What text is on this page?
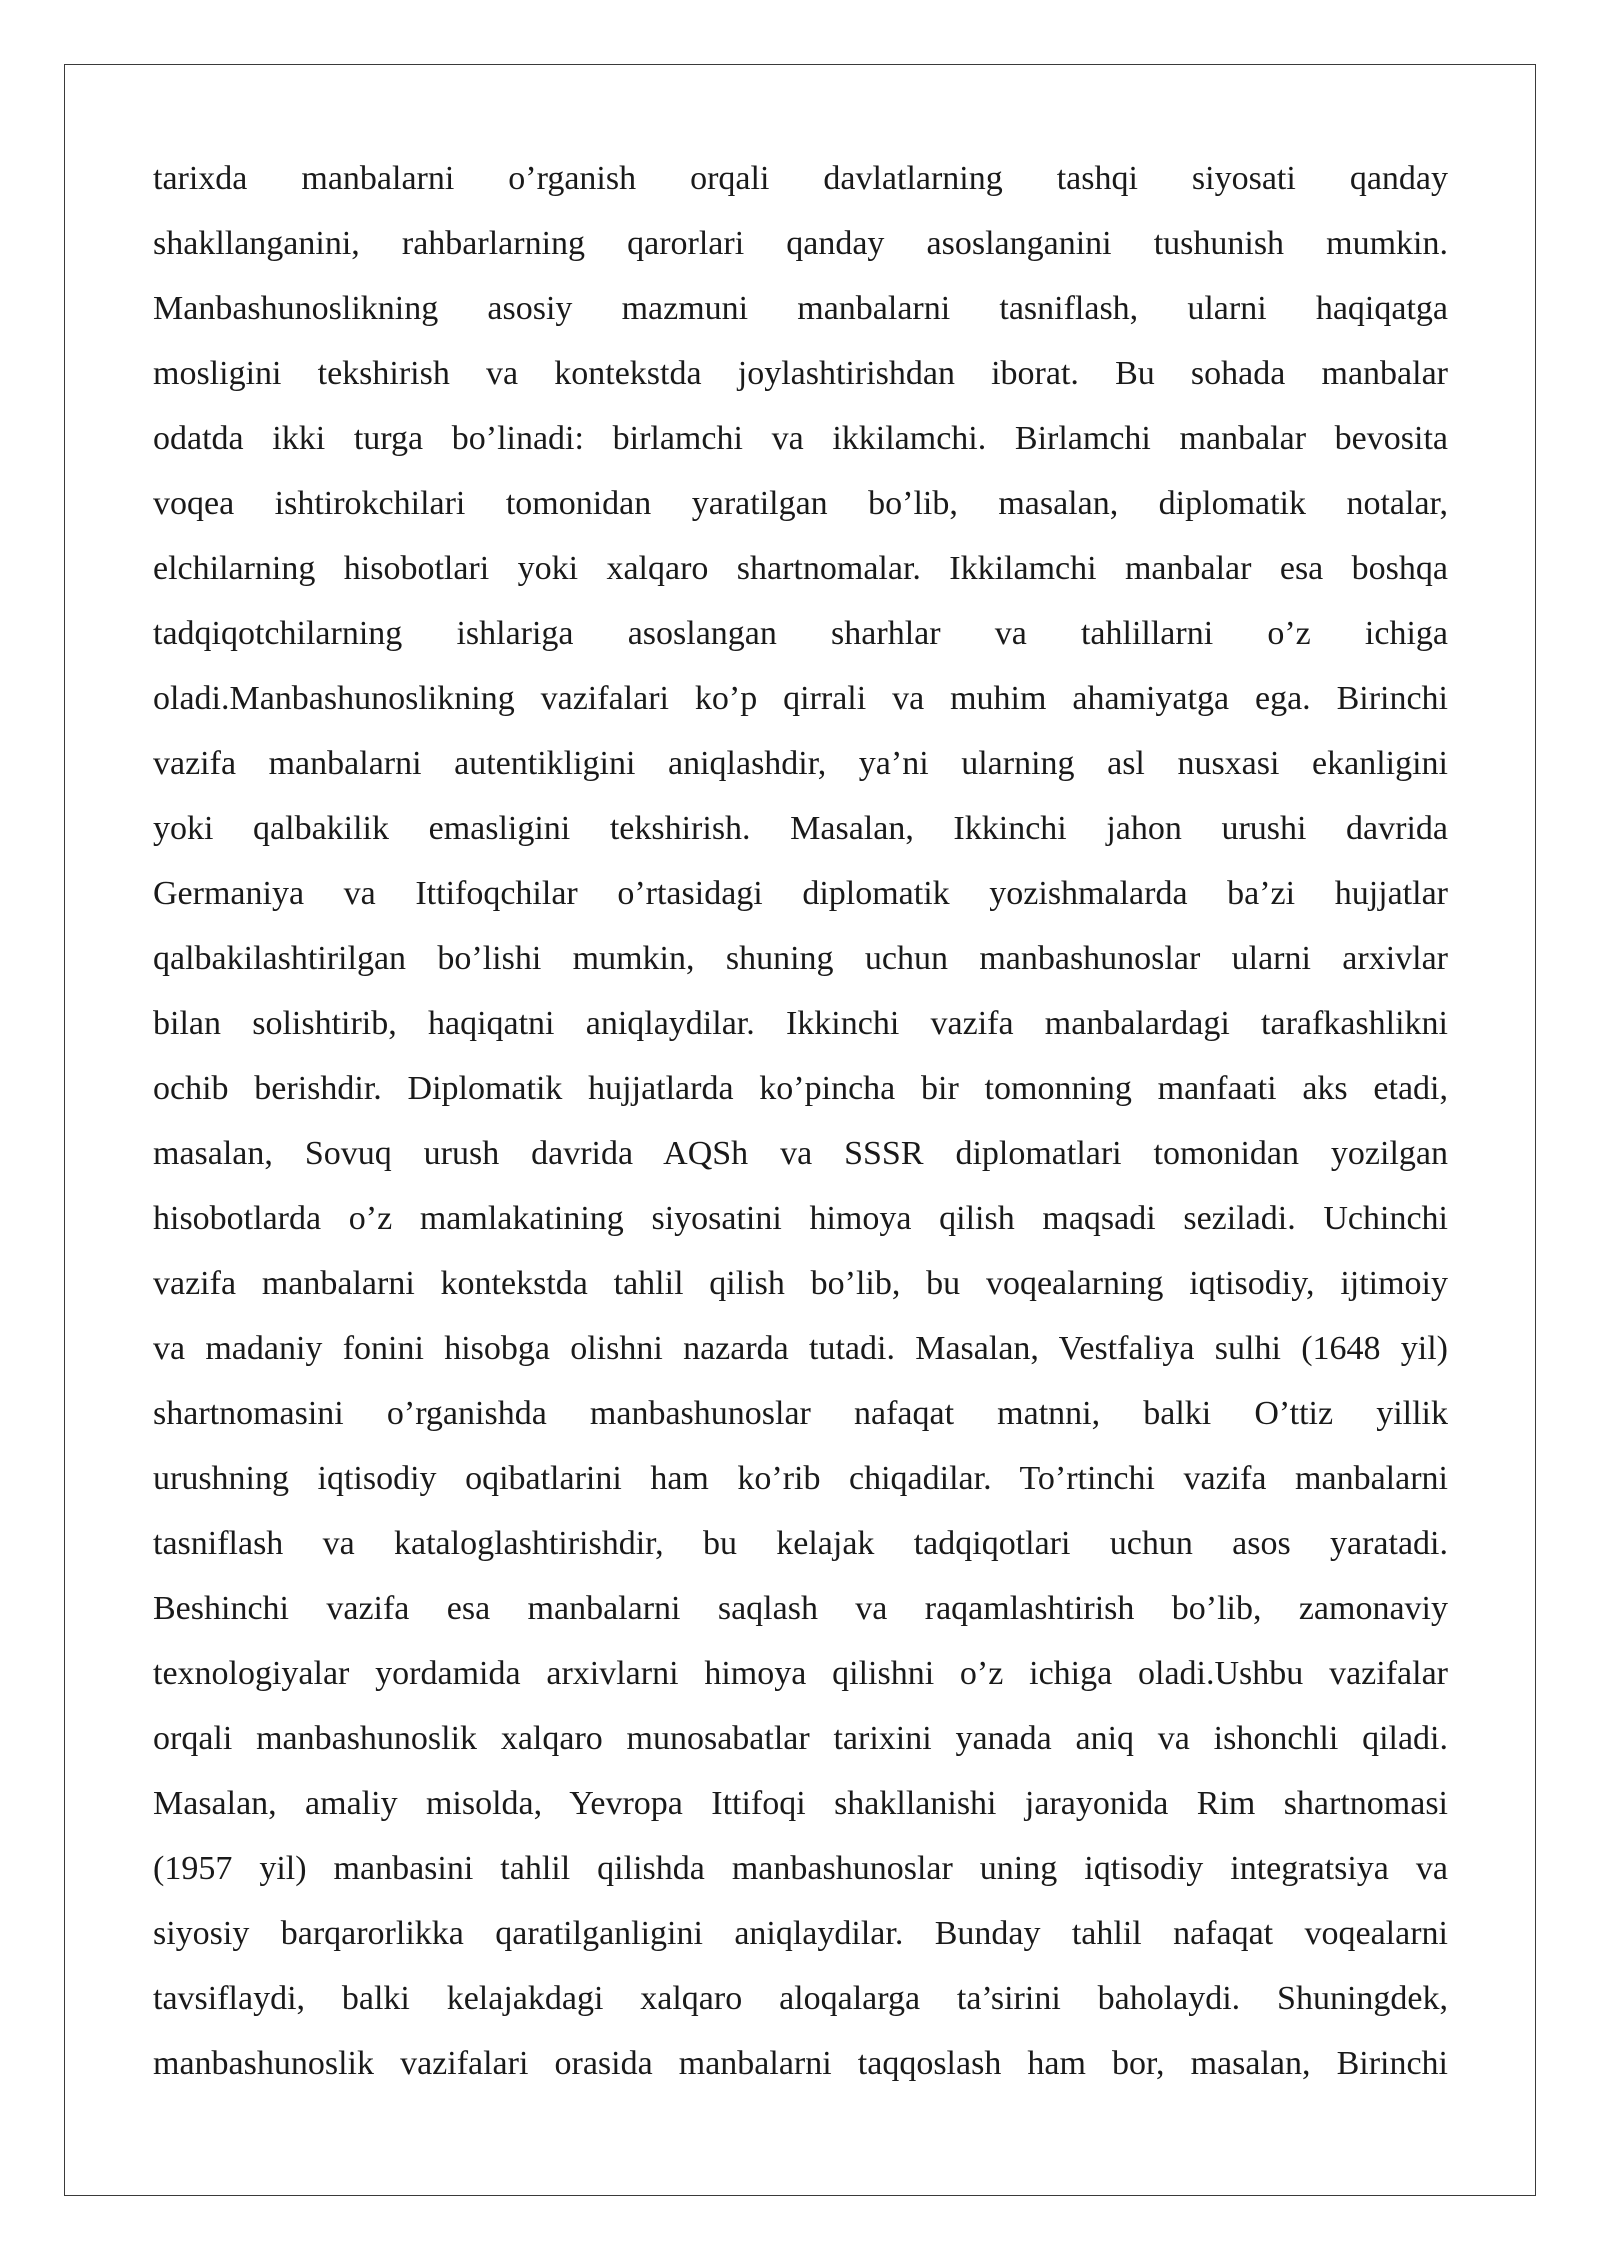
tarixda manbalarni o’rganish orqali davlatlarning tashqi siyosati qanday
shakllanganini, rahbarlarning qarorlari qanday asoslanganini tushunish mumkin.
Manbashunoslikning asosiy mazmuni manbalarni tasniflash, ularni haqiqatga
mosligini tekshirish va kontekstda joylashtirishdan iborat. Bu sohada manbalar
odatda ikki turga bo’linadi: birlamchi va ikkilamchi. Birlamchi manbalar bevosita
voqea ishtirokchilari tomonidan yaratilgan bo’lib, masalan, diplomatik notalar,
elchilarning hisobotlari yoki xalqaro shartnomalar. Ikkilamchi manbalar esa boshqa
tadqiqotchilarning ishlariga asoslangan sharhlar va tahlillarni o’z ichiga
oladi.Manbashunoslikning vazifalari ko’p qirrali va muhim ahamiyatga ega. Birinchi
vazifa manbalarni autentikligini aniqlashdir, ya’ni ularning asl nusxasi ekanligini
yoki qalbakilik emasligini tekshirish. Masalan, Ikkinchi jahon urushi davrida
Germaniya va Ittifoqchilar o’rtasidagi diplomatik yozishmalarda ba’zi hujjatlar
qalbakilashtirilgan bo’lishi mumkin, shuning uchun manbashunoslar ularni arxivlar
bilan solishtirib, haqiqatni aniqlaydilar. Ikkinchi vazifa manbalardagi tarafkashlikni
ochib berishdir. Diplomatik hujjatlarda ko’pincha bir tomonning manfaati aks etadi,
masalan, Sovuq urush davrida AQSh va SSSR diplomatlari tomonidan yozilgan
hisobotlarda o’z mamlakatining siyosatini himoya qilish maqsadi seziladi. Uchinchi
vazifa manbalarni kontekstda tahlil qilish bo’lib, bu voqealarning iqtisodiy, ijtimoiy
va madaniy fonini hisobga olishni nazarda tutadi. Masalan, Vestfaliya sulhi (1648 yil)
shartnomasini o’rganishda manbashunoslar nafaqat matnni, balki O’ttiz yillik
urushning iqtisodiy oqibatlarini ham ko’rib chiqadilar. To’rtinchi vazifa manbalarni
tasniflash va kataloglashtirishdir, bu kelajak tadqiqotlari uchun asos yaratadi.
Beshinchi vazifa esa manbalarni saqlash va raqamlashtirish bo’lib, zamonaviy
texnologiyalar yordamida arxivlarni himoya qilishni o’z ichiga oladi.Ushbu vazifalar
orqali manbashunoslik xalqaro munosabatlar tarixini yanada aniq va ishonchli qiladi.
Masalan, amaliy misolda, Yevropa Ittifoqi shakllanishi jarayonida Rim shartnomasi
(1957 yil) manbasini tahlil qilishda manbashunoslar uning iqtisodiy integratsiya va
siyosiy barqarorlikka qaratilganligini aniqlaydilar. Bunday tahlil nafaqat voqealarni
tavsiflaydi, balki kelajakdagi xalqaro aloqalarga ta’sirini baholaydi. Shuningdek,
manbashunoslik vazifalari orasida manbalarni taqqoslash ham bor, masalan, Birinchi
